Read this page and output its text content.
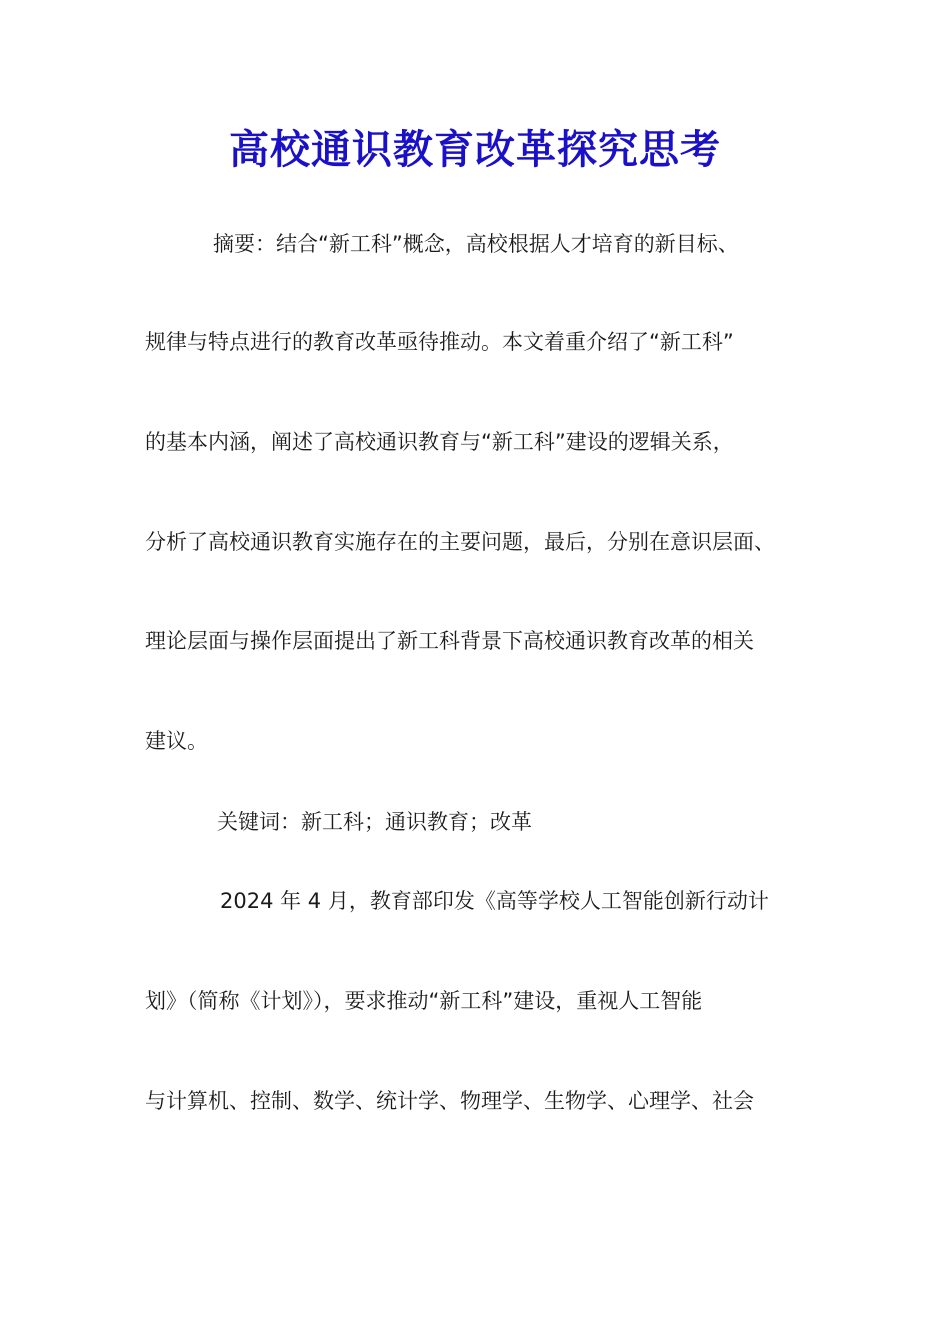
高校通识教育改革探究思考
摘要：结合“新工科”概念，高校根据人才培育的新目标、
规律与特点进行的教育改革亟待推动。本文着重介绍了“新工科”
的基本内涵，阐述了高校通识教育与“新工科”建设的逻辑关系，
分析了高校通识教育实施存在的主要问题，最后，分别在意识层面、
理论层面与操作层面提出了新工科背景下高校通识教育改革的相关
建议。
关键词：新工科；通识教育；改革
2024 年 4 月，教育部印发《高等学校人工智能创新行动计
划》（简称《计划》），要求推动“新工科”建设，重视人工智能
与计算机、控制、数学、统计学、物理学、生物学、心理学、社会
